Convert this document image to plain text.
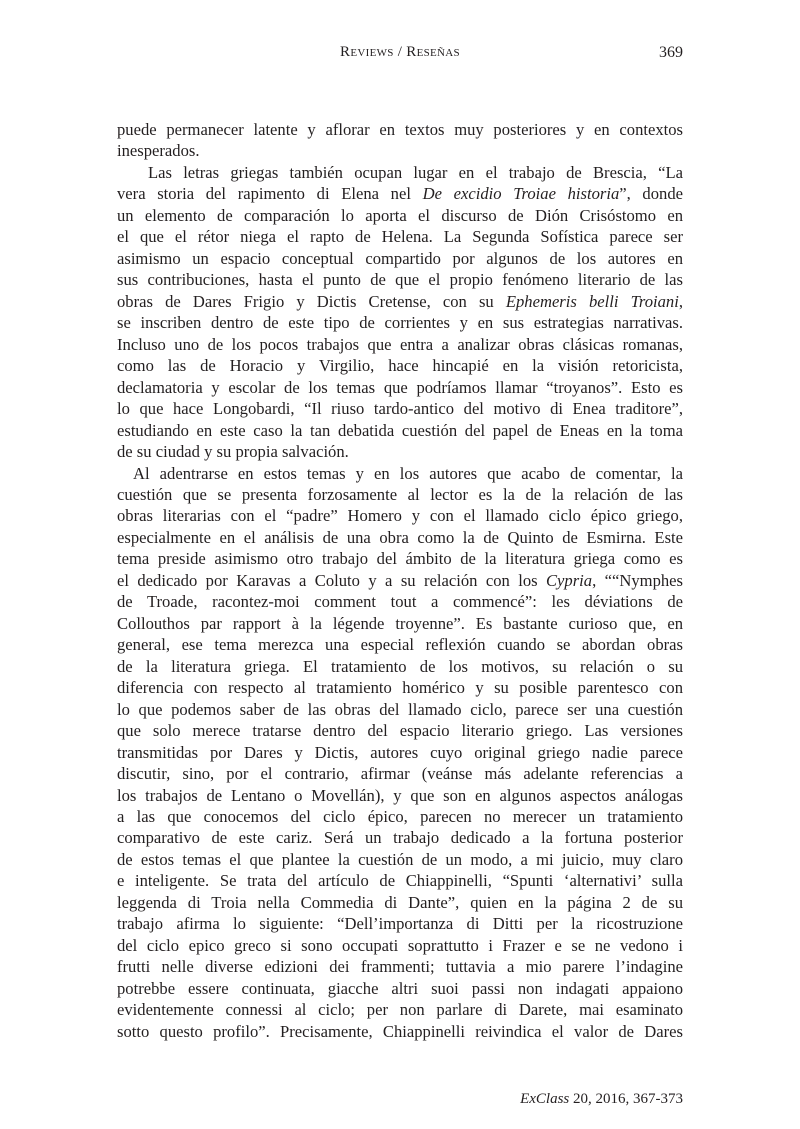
Reviews / Reseñas	369
puede permanecer latente y aflorar en textos muy posteriores y en contextos
inesperados.
Las letras griegas también ocupan lugar en el trabajo de Brescia, “La
vera storia del rapimento di Elena nel De excidio Troiae historia”, donde
un elemento de comparación lo aporta el discurso de Dión Crisóstomo en
el que el rétor niega el rapto de Helena. La Segunda Sofística parece ser
asimismo un espacio conceptual compartido por algunos de los autores en
sus contribuciones, hasta el punto de que el propio fenómeno literario de las
obras de Dares Frigio y Dictis Cretense, con su Ephemeris belli Troiani,
se inscriben dentro de este tipo de corrientes y en sus estrategias narrativas.
Incluso uno de los pocos trabajos que entra a analizar obras clásicas romanas,
como las de Horacio y Virgilio, hace hincapié en la visión retoricista,
declamatoria y escolar de los temas que podríamos llamar “troyanos”. Esto es
lo que hace Longobardi, “Il riuso tardo-antico del motivo di Enea traditore”,
estudiando en este caso la tan debatida cuestión del papel de Eneas en la toma
de su ciudad y su propia salvación.
Al adentrarse en estos temas y en los autores que acabo de comentar, la
cuestión que se presenta forzosamente al lector es la de la relación de las
obras literarias con el “padre” Homero y con el llamado ciclo épico griego,
especialmente en el análisis de una obra como la de Quinto de Esmirna. Este
tema preside asimismo otro trabajo del ámbito de la literatura griega como es
el dedicado por Karavas a Coluto y a su relación con los Cypria, ““Nymphes
de Troade, racontez-moi comment tout a commencé”: les déviations de
Collouthos par rapport à la légende troyenne”. Es bastante curioso que, en
general, ese tema merezca una especial reflexión cuando se abordan obras
de la literatura griega. El tratamiento de los motivos, su relación o su
diferencia con respecto al tratamiento homérico y su posible parentesco con
lo que podemos saber de las obras del llamado ciclo, parece ser una cuestión
que solo merece tratarse dentro del espacio literario griego. Las versiones
transmitidas por Dares y Dictis, autores cuyo original griego nadie parece
discutir, sino, por el contrario, afirmar (veánse más adelante referencias a
los trabajos de Lentano o Movellán), y que son en algunos aspectos análogas
a las que conocemos del ciclo épico, parecen no merecer un tratamiento
comparativo de este cariz. Será un trabajo dedicado a la fortuna posterior
de estos temas el que plantee la cuestión de un modo, a mi juicio, muy claro
e inteligente. Se trata del artículo de Chiappinelli, “Spunti ‘alternativi’ sulla
leggenda di Troia nella Commedia di Dante”, quien en la página 2 de su
trabajo afirma lo siguiente: “Dell’importanza di Ditti per la ricostruzione
del ciclo epico greco si sono occupati soprattutto i Frazer e se ne vedono i
frutti nelle diverse edizioni dei frammenti; tuttavia a mio parere l’indagine
potrebbe essere continuata, giacche altri suoi passi non indagati appaiono
evidentemente connessi al ciclo; per non parlare di Darete, mai esaminato
sotto questo profilo”. Precisamente, Chiappinelli reivindica el valor de Dares
ExClass 20, 2016, 367-373
